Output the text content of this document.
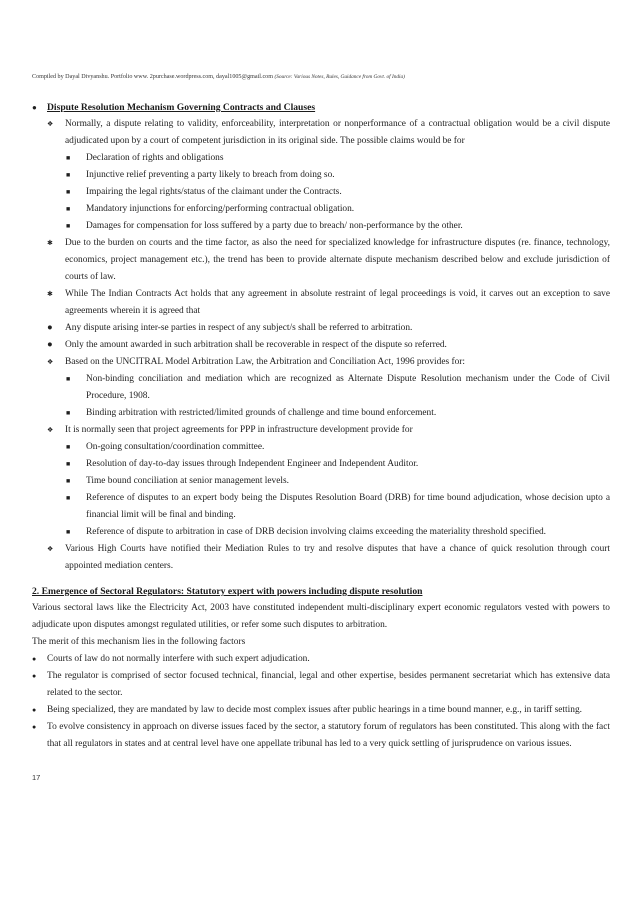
Compiled by Dayal Divyanshu. Portfolio www. 2purchase.wordpress.com, dayal1005@gmail.com (Source: Various Notes, Rules, Guidance from Govt. of India)
● Dispute Resolution Mechanism Governing Contracts and Clauses
❖	Normally, a dispute relating to validity, enforceability, interpretation or nonperformance of a contractual obligation would be a civil dispute adjudicated upon by a court of competent jurisdiction in its original side. The possible claims would be for
■ Declaration of rights and obligations
■ Injunctive relief preventing a party likely to breach from doing so.
■ Impairing the legal rights/status of the claimant under the Contracts.
■ Mandatory injunctions for enforcing/performing contractual obligation.
■ Damages for compensation for loss suffered by a party due to breach/ non-performance by the other.
✱	Due to the burden on courts and the time factor, as also the need for specialized knowledge for infrastructure disputes (re. finance, technology, economics, project management etc.), the trend has been to provide alternate dispute mechanism described below and exclude jurisdiction of courts of law.
✱	While The Indian Contracts Act holds that any agreement in absolute restraint of legal proceedings is void, it carves out an exception to save agreements wherein it is agreed that
●	Any dispute arising inter-se parties in respect of any subject/s shall be referred to arbitration.
●	Only the amount awarded in such arbitration shall be recoverable in respect of the dispute so referred.
❖	Based on the UNCITRAL Model Arbitration Law, the Arbitration and Conciliation Act, 1996 provides for:
■ Non-binding conciliation and mediation which are recognized as Alternate Dispute Resolution mechanism under the Code of Civil Procedure, 1908.
■ Binding arbitration with restricted/limited grounds of challenge and time bound enforcement.
❖	It is normally seen that project agreements for PPP in infrastructure development provide for
■ On-going consultation/coordination committee.
■ Resolution of day-to-day issues through Independent Engineer and Independent Auditor.
■ Time bound conciliation at senior management levels.
■ Reference of disputes to an expert body being the Disputes Resolution Board (DRB) for time bound adjudication, whose decision upto a financial limit will be final and binding.
■ Reference of dispute to arbitration in case of DRB decision involving claims exceeding the materiality threshold specified.
❖	Various High Courts have notified their Mediation Rules to try and resolve disputes that have a chance of quick resolution through court appointed mediation centers.
2. Emergence of Sectoral Regulators: Statutory expert with powers including dispute resolution
Various sectoral laws like the Electricity Act, 2003 have constituted independent multi-disciplinary expert economic regulators vested with powers to adjudicate upon disputes amongst regulated utilities, or refer some such disputes to arbitration.
The merit of this mechanism lies in the following factors
● Courts of law do not normally interfere with such expert adjudication.
● The regulator is comprised of sector focused technical, financial, legal and other expertise, besides permanent secretariat which has extensive data related to the sector.
● Being specialized, they are mandated by law to decide most complex issues after public hearings in a time bound manner, e.g., in tariff setting.
● To evolve consistency in approach on diverse issues faced by the sector, a statutory forum of regulators has been constituted. This along with the fact that all regulators in states and at central level have one appellate tribunal has led to a very quick settling of jurisprudence on various issues.
17
